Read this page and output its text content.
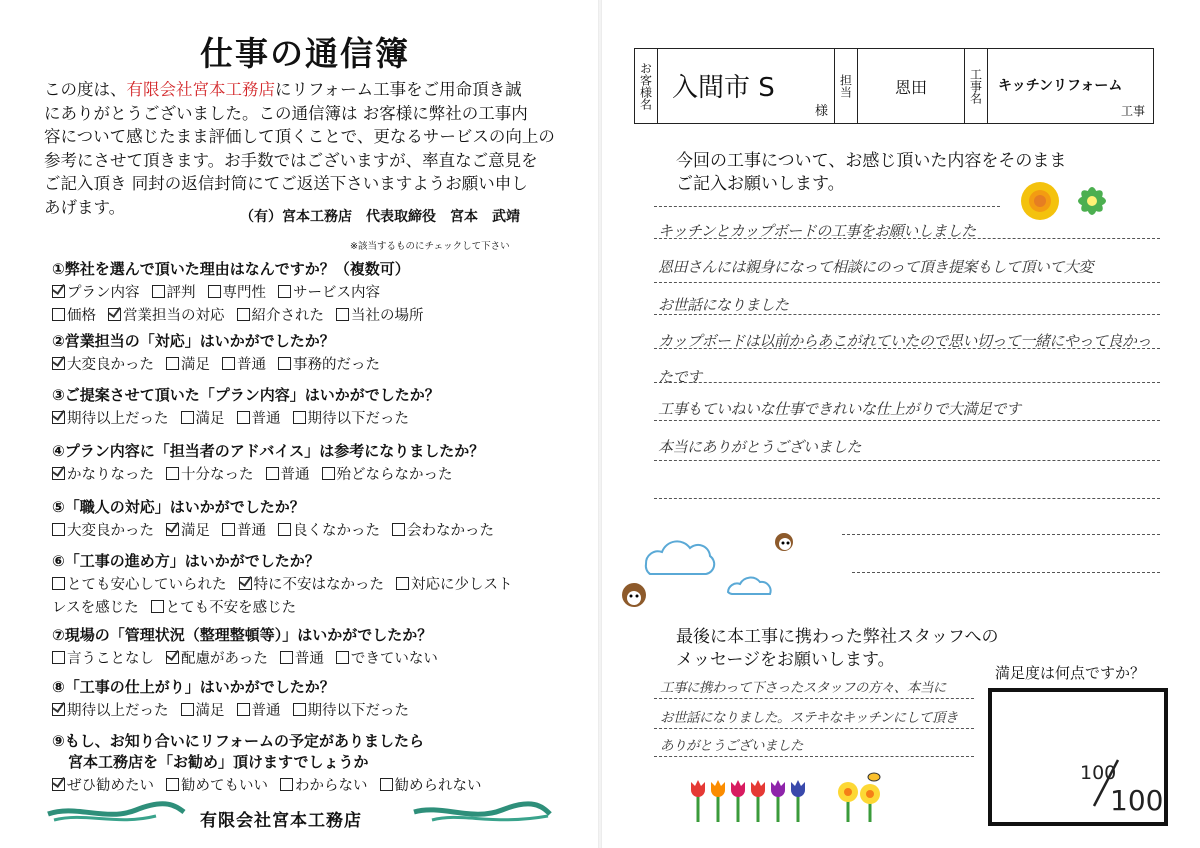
仕事の通信簿

この度は、有限会社宮本工務店にリフォーム工事をご用命頂き誠

にありがとうございました。この通信簿は お客様に弊社の工事内

容について感じたまま評価して頂くことで、更なるサービスの向上の

参考にさせて頂きます。お手数ではございますが、率直なご意見を

ご記入頂き 同封の返信封筒にてご返送下さいますようお願い申し

あげます。

（有）宮本工務店　代表取締役　宮本　武靖
※該当するものにチェックして下さい
①弊社を選んで頂いた理由はなんですか？（複数可）
プラン内容 評判 専門性 サービス内容
価格 営業担当の対応 紹介された 当社の場所
②営業担当の「対応」はいかがでしたか？
大変良かった 満足 普通 事務的だった
③ご提案させて頂いた「プラン内容」はいかがでしたか？
期待以上だった 満足 普通 期待以下だった
④プラン内容に「担当者のアドバイス」は参考になりましたか？
かなりなった 十分なった 普通 殆どならなかった
⑤「職人の対応」はいかがでしたか？
大変良かった 満足 普通 良くなかった 会わなかった
⑥「工事の進め方」はいかがでしたか？
とても安心していられた 特に不安はなかった 対応に少しスト
レスを感じた とても不安を感じた
⑦現場の「管理状況（整理整頓等）」はいかがでしたか？
言うことなし 配慮があった 普通 できていない
⑧「工事の仕上がり」はいかがでしたか？
期待以上だった 満足 普通 期待以下だった
⑨もし、お知り合いにリフォームの予定がありましたら
宮本工務店を「お勧め」頂けますでしょうか
ぜひ勧めたい 勧めてもいい わからない 勧められない
有限会社宮本工務店
お客様名 入間市 S
様
担当	恩田	工事名	キッチンリフォーム
工事
今回の工事について、お感じ頂いた内容をそのまま
ご記入お願いします。
キッチンとカップボードの工事をお願いしました
恩田さんには親身になって相談にのって頂き提案もして頂いて大変
お世話になりました
カップボードは以前からあこがれていたので思い切って一緒にやって良かっ
たです
工事もていねいな仕事できれいな仕上がりで大満足です
本当にありがとうございました
最後に本工事に携わった弊社スタッフへの
メッセージをお願いします。
工事に携わって下さったスタッフの方々、本当に
お世話になりました。ステキなキッチンにして頂き
ありがとうございました
満足度は何点ですか？
100
100
